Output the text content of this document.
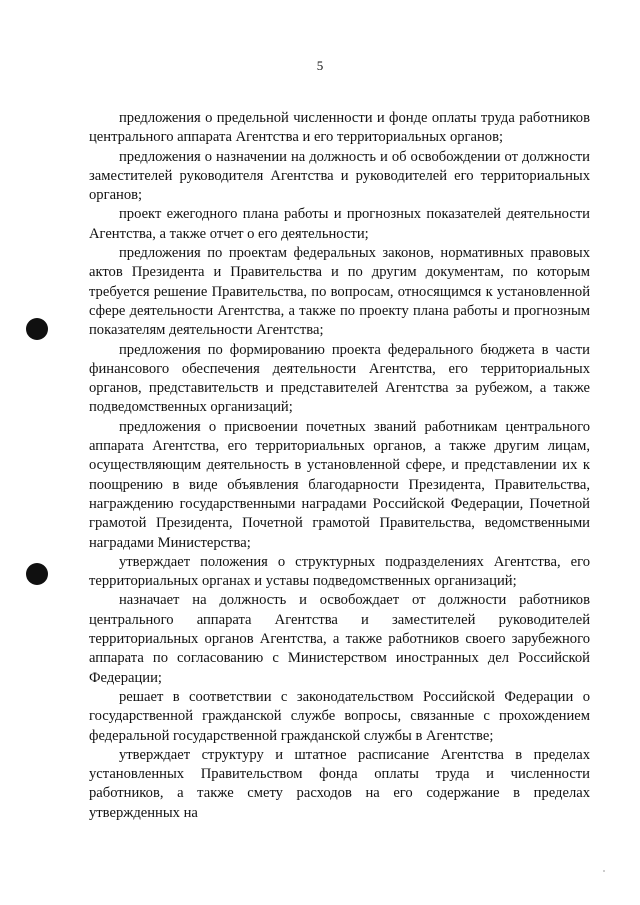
5

предложения о предельной численности и фонде оплаты труда работников центрального аппарата Агентства и его территориальных органов;

предложения о назначении на должность и об освобождении от должности заместителей руководителя Агентства и руководителей его территориальных органов;

проект ежегодного плана работы и прогнозных показателей деятельности Агентства, а также отчет о его деятельности;

предложения по проектам федеральных законов, нормативных правовых актов Президента и Правительства и по другим документам, по которым требуется решение Правительства, по вопросам, относящимся к установленной сфере деятельности Агентства, а также по проекту плана работы и прогнозным показателям деятельности Агентства;

предложения по формированию проекта федерального бюджета в части финансового обеспечения деятельности Агентства, его территориальных органов, представительств и представителей Агентства за рубежом, а также подведомственных организаций;

предложения о присвоении почетных званий работникам центрального аппарата Агентства, его территориальных органов, а также другим лицам, осуществляющим деятельность в установленной сфере, и представлении их к поощрению в виде объявления благодарности Президента, Правительства, награждению государственными наградами Российской Федерации, Почетной грамотой Президента, Почетной грамотой Правительства, ведомственными наградами Министерства;

утверждает положения о структурных подразделениях Агентства, его территориальных органах и уставы подведомственных организаций;

назначает на должность и освобождает от должности работников центрального аппарата Агентства и заместителей руководителей территориальных органов Агентства, а также работников своего зарубежного аппарата по согласованию с Министерством иностранных дел Российской Федерации;

решает в соответствии с законодательством Российской Федерации о государственной гражданской службе вопросы, связанные с прохождением федеральной государственной гражданской службы в Агентстве;

утверждает структуру и штатное расписание Агентства в пределах установленных Правительством фонда оплаты труда и численности работников, а также смету расходов на его содержание в пределах утвержденных на
